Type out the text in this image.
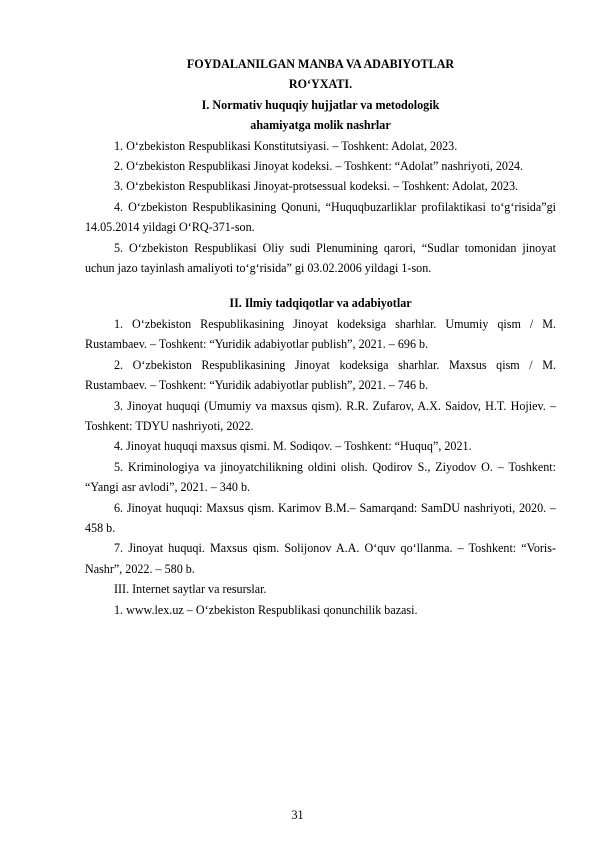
FOYDALANILGAN MANBA VA ADABIYOTLAR

RO‘YXATI.

I. Normativ huquqiy hujjatlar va metodologik

ahamiyatga molik nashrlar

1. O‘zbekiston Respublikasi Konstitutsiyasi. – Toshkent: Adolat, 2023.

2. O‘zbekiston Respublikasi Jinoyat kodeksi. – Toshkent: “Adolat” nashriyoti, 2024.

3. O‘zbekiston Respublikasi Jinoyat-protsessual kodeksi. – Toshkent: Adolat, 2023.

4. O‘zbekiston Respublikasining Qonuni, “Huquqbuzarliklar profilaktikasi to‘g‘risida”gi 14.05.2014 yildagi O‘RQ-371-son.

5. O‘zbekiston Respublikasi Oliy sudi Plenumining qarori, “Sudlar tomonidan jinoyat uchun jazo tayinlash amaliyoti to‘g‘risida” gi 03.02.2006 yildagi 1-son.

II. Ilmiy tadqiqotlar va adabiyotlar

1. O‘zbekiston Respublikasining Jinoyat kodeksiga sharhlar. Umumiy qism / M. Rustambaev. – Toshkent: “Yuridik adabiyotlar publish”, 2021. – 696 b.

2. O‘zbekiston Respublikasining Jinoyat kodeksiga sharhlar. Maxsus qism / M. Rustambaev. – Toshkent: “Yuridik adabiyotlar publish”, 2021. – 746 b.

3. Jinoyat huquqi (Umumiy va maxsus qism). R.R. Zufarov, A.X. Saidov, H.T. Hojiev. – Toshkent: TDYU nashriyoti, 2022.

4. Jinoyat huquqi maxsus qismi. M. Sodiqov. – Toshkent: “Huquq”, 2021.

5. Kriminologiya va jinoyatchilikning oldini olish. Qodirov S., Ziyodov O. – Toshkent: “Yangi asr avlodi”, 2021. – 340 b.

6. Jinoyat huquqi: Maxsus qism. Karimov B.M.– Samarqand: SamDU nashriyoti, 2020. – 458 b.

7. Jinoyat huquqi. Maxsus qism. Solijonov A.A. O‘quv qo‘llanma. – Toshkent: “Voris-Nashr”, 2022. – 580 b.

III. Internet saytlar va resurslar.

1. www.lex.uz – O‘zbekiston Respublikasi qonunchilik bazasi.

31
